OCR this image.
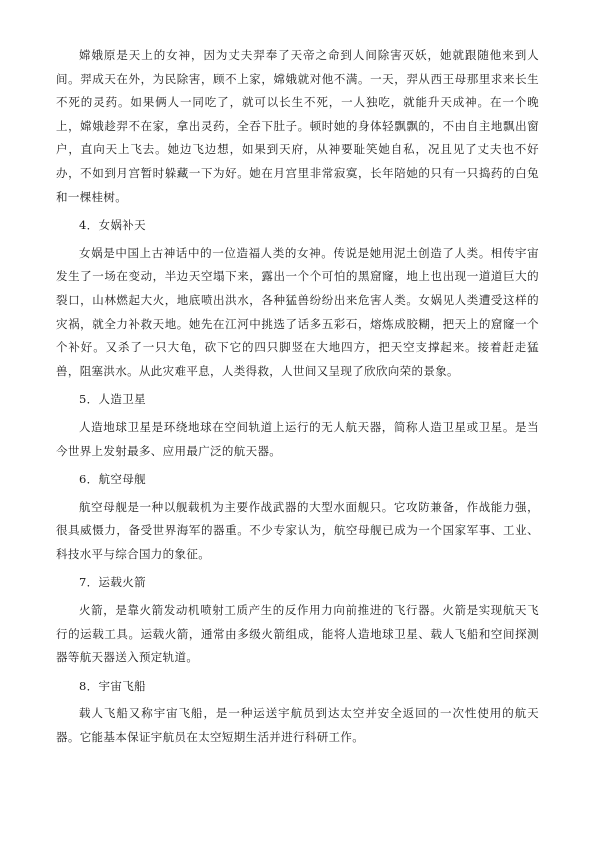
嫦娥原是天上的女神，因为丈夫羿奉了天帝之命到人间除害灭妖，她就跟随他来到人间。羿成天在外，为民除害，顾不上家，嫦娥就对他不满。一天，羿从西王母那里求来长生不死的灵药。如果俩人一同吃了，就可以长生不死，一人独吃，就能升天成神。在一个晚上，嫦娥趁羿不在家，拿出灵药，全吞下肚子。顿时她的身体轻飘飘的，不由自主地飘出窗户，直向天上飞去。她边飞边想，如果到天府，从神要耻笑她自私，况且见了丈夫也不好办，不如到月宫暂时躲藏一下为好。她在月宫里非常寂寞，长年陪她的只有一只捣药的白兔和一棵桂树。

4．女娲补天

女娲是中国上古神话中的一位造福人类的女神。传说是她用泥土创造了人类。相传宇宙发生了一场在变动，半边天空塌下来，露出一个个可怕的黑窟窿，地上也出现一道道巨大的裂口，山林燃起大火，地底喷出洪水，各种猛兽纷纷出来危害人类。女娲见人类遭受这样的灾祸，就全力补救天地。她先在江河中挑选了话多五彩石，熔炼成胶糊，把天上的窟窿一个个补好。又杀了一只大龟，砍下它的四只脚竖在大地四方，把天空支撑起来。接着赶走猛兽，阻塞洪水。从此灾难平息，人类得救，人世间又呈现了欣欣向荣的景象。

5．人造卫星

人造地球卫星是环绕地球在空间轨道上运行的无人航天器，简称人造卫星或卫星。是当今世界上发射最多、应用最广泛的航天器。

6．航空母舰

航空母舰是一种以舰载机为主要作战武器的大型水面舰只。它攻防兼备，作战能力强，很具威慑力，备受世界海军的器重。不少专家认为，航空母舰已成为一个国家军事、工业、科技水平与综合国力的象征。

7．运载火箭

火箭，是靠火箭发动机喷射工质产生的反作用力向前推进的飞行器。火箭是实现航天飞行的运载工具。运载火箭，通常由多级火箭组成，能将人造地球卫星、载人飞船和空间探测器等航天器送入预定轨道。

8．宇宙飞船

载人飞船又称宇宙飞船，是一种运送宇航员到达太空并安全返回的一次性使用的航天器。它能基本保证宇航员在太空短期生活并进行科研工作。
